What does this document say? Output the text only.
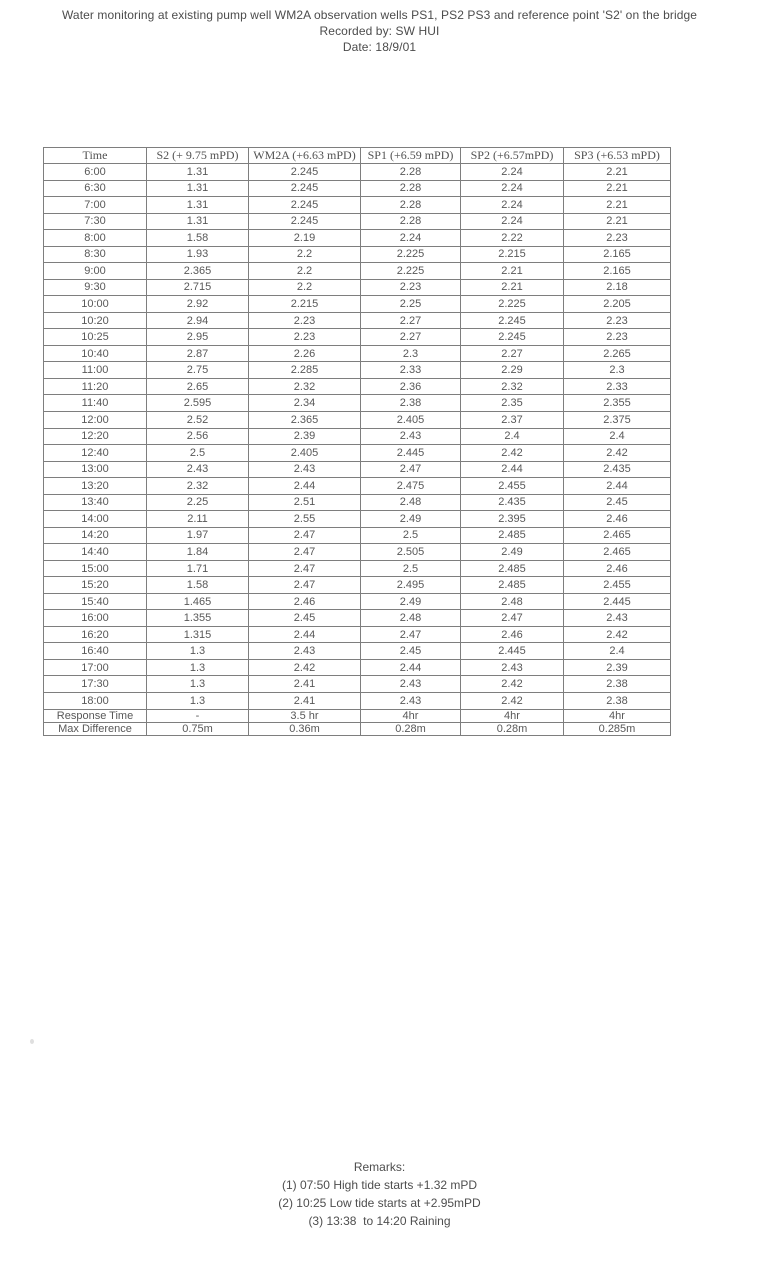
Water monitoring at existing pump well WM2A observation wells PS1, PS2 PS3 and reference point 'S2' on the bridge
Recorded by: SW HUI
Date: 18/9/01
Time	S2 (+ 9.75 mPD)	WM2A (+6.63 mPD)	SP1 (+6.59 mPD)	SP2 (+6.57mPD)	SP3 (+6.53 mPD)
6:00	1.31	2.245	2.28	2.24	2.21
6:30	1.31	2.245	2.28	2.24	2.21
7:00	1.31	2.245	2.28	2.24	2.21
7:30	1.31	2.245	2.28	2.24	2.21
8:00	1.58	2.19	2.24	2.22	2.23
8:30	1.93	2.2	2.225	2.215	2.165
9:00	2.365	2.2	2.225	2.21	2.165
9:30	2.715	2.2	2.23	2.21	2.18
10:00	2.92	2.215	2.25	2.225	2.205
10:20	2.94	2.23	2.27	2.245	2.23
10:25	2.95	2.23	2.27	2.245	2.23
10:40	2.87	2.26	2.3	2.27	2.265
11:00	2.75	2.285	2.33	2.29	2.3
11:20	2.65	2.32	2.36	2.32	2.33
11:40	2.595	2.34	2.38	2.35	2.355
12:00	2.52	2.365	2.405	2.37	2.375
12:20	2.56	2.39	2.43	2.4	2.4
12:40	2.5	2.405	2.445	2.42	2.42
13:00	2.43	2.43	2.47	2.44	2.435
13:20	2.32	2.44	2.475	2.455	2.44
13:40	2.25	2.51	2.48	2.435	2.45
14:00	2.11	2.55	2.49	2.395	2.46
14:20	1.97	2.47	2.5	2.485	2.465
14:40	1.84	2.47	2.505	2.49	2.465
15:00	1.71	2.47	2.5	2.485	2.46
15:20	1.58	2.47	2.495	2.485	2.455
15:40	1.465	2.46	2.49	2.48	2.445
16:00	1.355	2.45	2.48	2.47	2.43
16:20	1.315	2.44	2.47	2.46	2.42
16:40	1.3	2.43	2.45	2.445	2.4
17:00	1.3	2.42	2.44	2.43	2.39
17:30	1.3	2.41	2.43	2.42	2.38
18:00	1.3	2.41	2.43	2.42	2.38
Response Time	-	3.5 hr	4hr	4hr	4hr
Max Difference	0.75m	0.36m	0.28m	0.28m	0.285m
Remarks:
(1) 07:50 High tide starts +1.32 mPD
(2) 10:25 Low tide starts at +2.95mPD
(3) 13:38  to 14:20 Raining
